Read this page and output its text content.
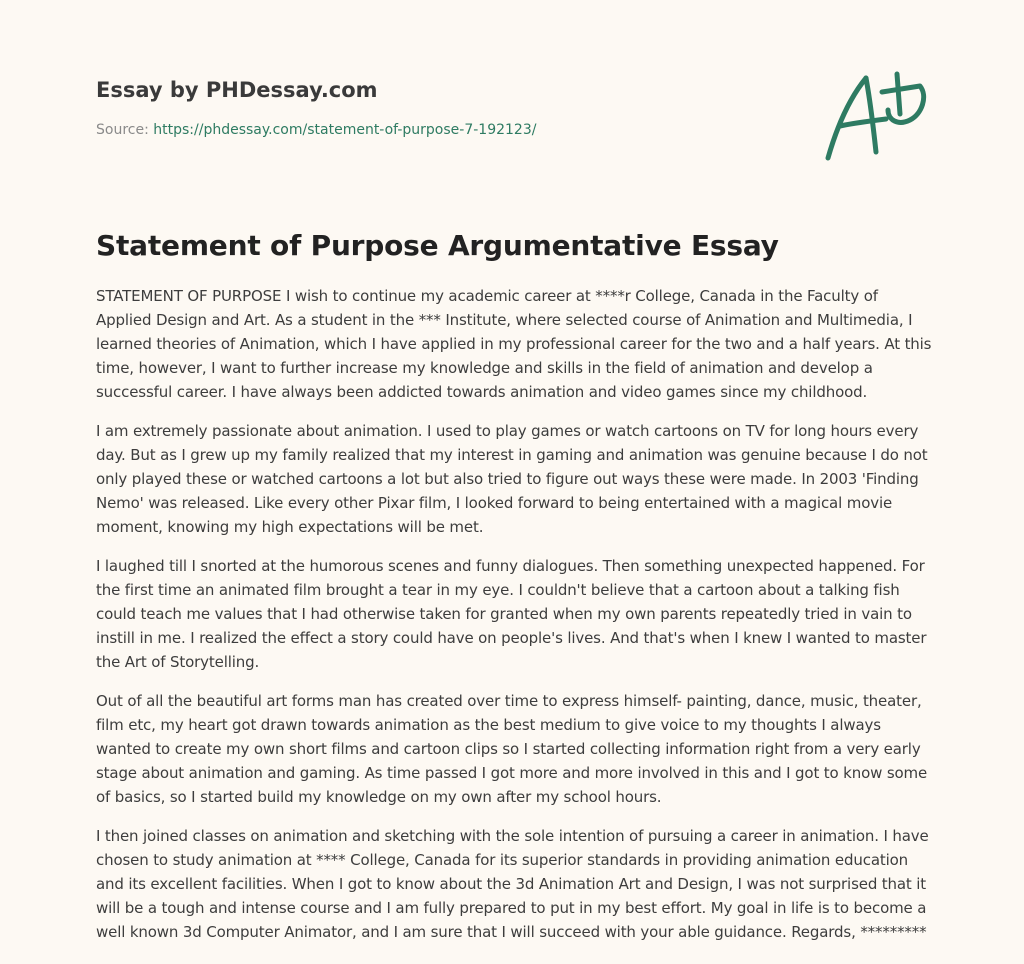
Essay by PHDessay.com
Source: https://phdessay.com/statement-of-purpose-7-192123/
Statement of Purpose Argumentative Essay

STATEMENT OF PURPOSE I wish to continue my academic career at ****r College, Canada in the Faculty of Applied Design and Art. As a student in the *** Institute, where selected course of Animation and Multimedia, I learned theories of Animation, which I have applied in my professional career for the two and a half years. At this time, however, I want to further increase my knowledge and skills in the field of animation and develop a successful career. I have always been addicted towards animation and video games since my childhood.

I am extremely passionate about animation. I used to play games or watch cartoons on TV for long hours every day. But as I grew up my family realized that my interest in gaming and animation was genuine because I do not only played these or watched cartoons a lot but also tried to figure out ways these were made. In 2003 'Finding Nemo' was released. Like every other Pixar film, I looked forward to being entertained with a magical movie moment, knowing my high expectations will be met.

I laughed till I snorted at the humorous scenes and funny dialogues. Then something unexpected happened. For the first time an animated film brought a tear in my eye. I couldn't believe that a cartoon about a talking fish could teach me values that I had otherwise taken for granted when my own parents repeatedly tried in vain to instill in me. I realized the effect a story could have on people's lives. And that's when I knew I wanted to master the Art of Storytelling.

Out of all the beautiful art forms man has created over time to express himself- painting, dance, music, theater, film etc, my heart got drawn towards animation as the best medium to give voice to my thoughts I always wanted to create my own short films and cartoon clips so I started collecting information right from a very early stage about animation and gaming. As time passed I got more and more involved in this and I got to know some of basics, so I started build my knowledge on my own after my school hours.

I then joined classes on animation and sketching with the sole intention of pursuing a career in animation. I have chosen to study animation at **** College, Canada for its superior standards in providing animation education and its excellent facilities. When I got to know about the 3d Animation Art and Design, I was not surprised that it will be a tough and intense course and I am fully prepared to put in my best effort. My goal in life is to become a well known 3d Computer Animator, and I am sure that I will succeed with your able guidance. Regards, *********
